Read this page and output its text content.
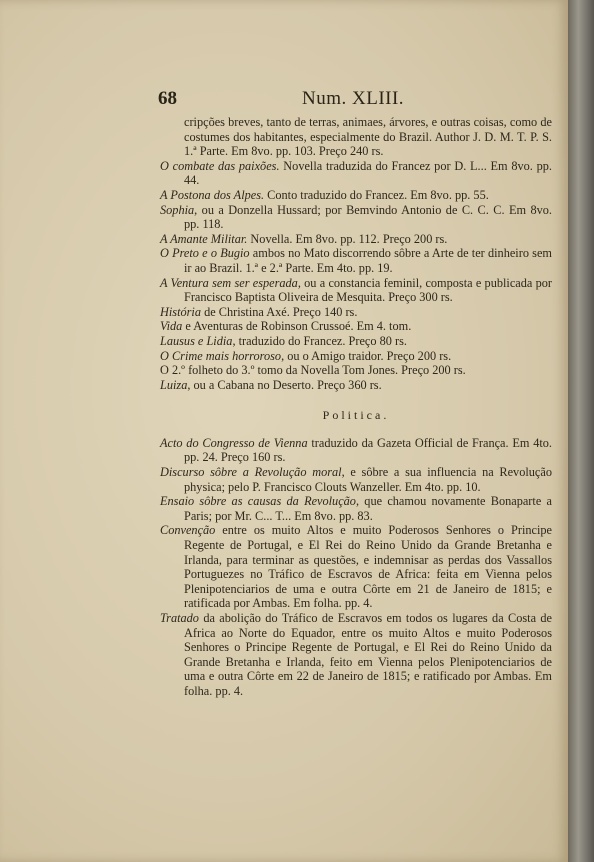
68	Num. XLIII.

cripções breves, tanto de terras, animaes, árvores, e outras coisas, como de costumes dos habitantes, especialmente do Brazil. Author J. D. M. T. P. S. 1.ª Parte. Em 8vo. pp. 103. Preço 240 rs.

O combate das paixões. Novella traduzida do Francez por D. L... Em 8vo. pp. 44.

A Postona dos Alpes. Conto traduzido do Francez. Em 8vo. pp. 55.

Sophia, ou a Donzella Hussard; por Bemvindo Antonio de C. C. C. Em 8vo. pp. 118.

A Amante Militar. Novella. Em 8vo. pp. 112. Preço 200 rs.

O Preto e o Bugio ambos no Mato discorrendo sôbre a Arte de ter dinheiro sem ir ao Brazil. 1.ª e 2.ª Parte. Em 4to. pp. 19.

A Ventura sem ser esperada, ou a constancia feminil, composta e publicada por Francisco Baptista Oliveira de Mesquita. Preço 300 rs.

História de Christina Axé. Preço 140 rs.

Vida e Aventuras de Robinson Crussoé. Em 4. tom.

Lausus e Lidia, traduzido do Francez. Preço 80 rs.

O Crime mais horroroso, ou o Amigo traidor. Preço 200 rs.

O 2.º folheto do 3.º tomo da Novella Tom Jones. Preço 200 rs.

Luiza, ou a Cabana no Deserto. Preço 360 rs.

Politica.

Acto do Congresso de Vienna traduzido da Gazeta Official de França. Em 4to. pp. 24. Preço 160 rs.

Discurso sôbre a Revolução moral, e sôbre a sua influencia na Revolução physica; pelo P. Francisco Clouts Wanzeller. Em 4to. pp. 10.

Ensaio sôbre as causas da Revolução, que chamou novamente Bonaparte a Paris; por Mr. C... T... Em 8vo. pp. 83.

Convenção entre os muito Altos e muito Poderosos Senhores o Principe Regente de Portugal, e El Rei do Reino Unido da Grande Bretanha e Irlanda, para terminar as questões, e indemnisar as perdas dos Vassallos Portuguezes no Tráfico de Escravos de Africa: feita em Vienna pelos Plenipotenciarios de uma e outra Côrte em 21 de Janeiro de 1815; e ratificada por Ambas. Em folha. pp. 4.

Tratado da abolição do Tráfico de Escravos em todos os lugares da Costa de Africa ao Norte do Equador, entre os muito Altos e muito Poderosos Senhores o Principe Regente de Portugal, e El Rei do Reino Unido da Grande Bretanha e Irlanda, feito em Vienna pelos Plenipotenciarios de uma e outra Côrte em 22 de Janeiro de 1815; e ratificado por Ambas. Em folha. pp. 4.
